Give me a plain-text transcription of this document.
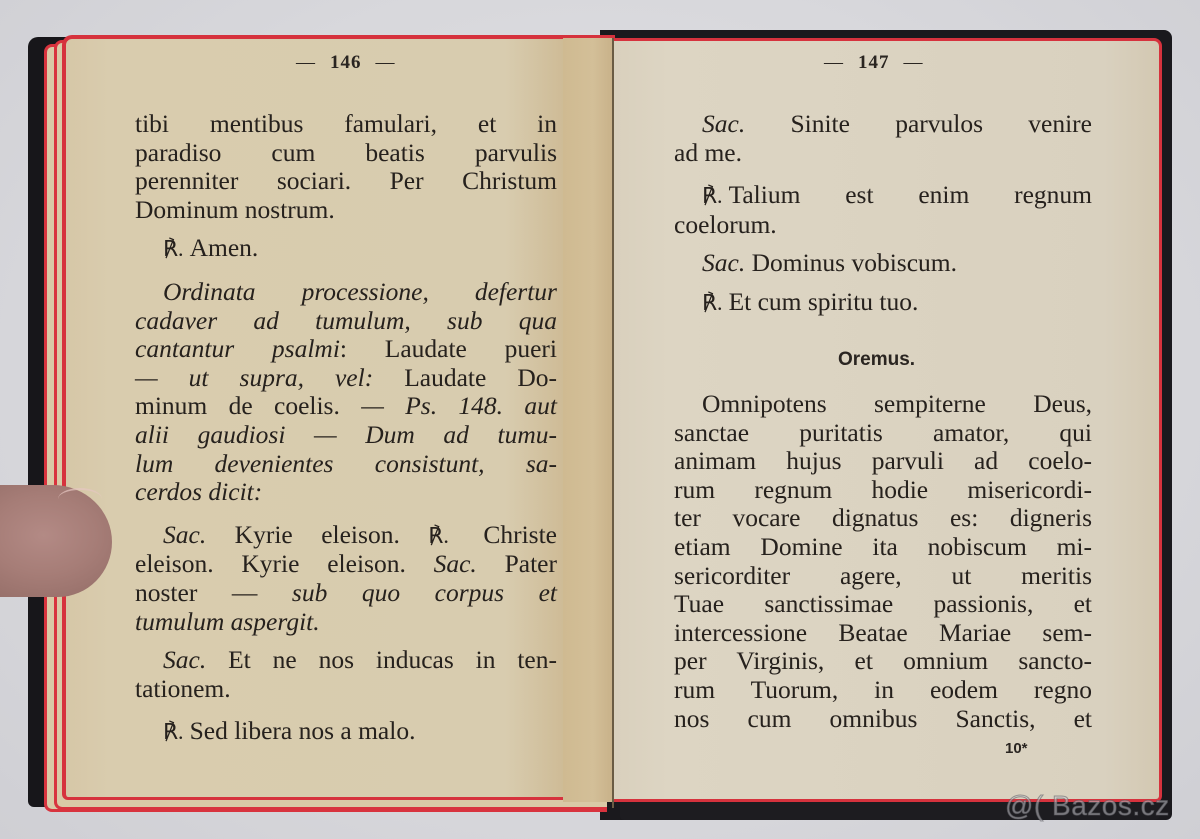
— 146 —
tibi mentibus famulari, et in
paradiso cum beatis parvulis
perenniter sociari. Per Christum
Dominum nostrum.
℟. Amen.
Ordinata processione, defertur
cadaver ad tumulum, sub qua
cantantur psalmi: Laudate pueri
— ut supra, vel: Laudate Do-
minum de coelis. — Ps. 148. aut
alii gaudiosi — Dum ad tumu-
lum devenientes consistunt, sa-
cerdos dicit:
Sac. Kyrie eleison. ℟. Christe
eleison. Kyrie eleison. Sac. Pater
noster — sub quo corpus et
tumulum aspergit.
Sac. Et ne nos inducas in ten-
tationem.
℟. Sed libera nos a malo.
— 147 —
Sac. Sinite parvulos venire
ad me.
℟. Talium est enim regnum
coelorum.
Sac. Dominus vobiscum.
℟. Et cum spiritu tuo.
Oremus.
Omnipotens sempiterne Deus,
sanctae puritatis amator, qui
animam hujus parvuli ad coelo-
rum regnum hodie misericordi-
ter vocare dignatus es: digneris
etiam Domine ita nobiscum mi-
sericorditer agere, ut meritis
Tuae sanctissimae passionis, et
intercessione Beatae Mariae sem-
per Virginis, et omnium sancto-
rum Tuorum, in eodem regno
nos cum omnibus Sanctis, et
10*
@( Bazos.cz
